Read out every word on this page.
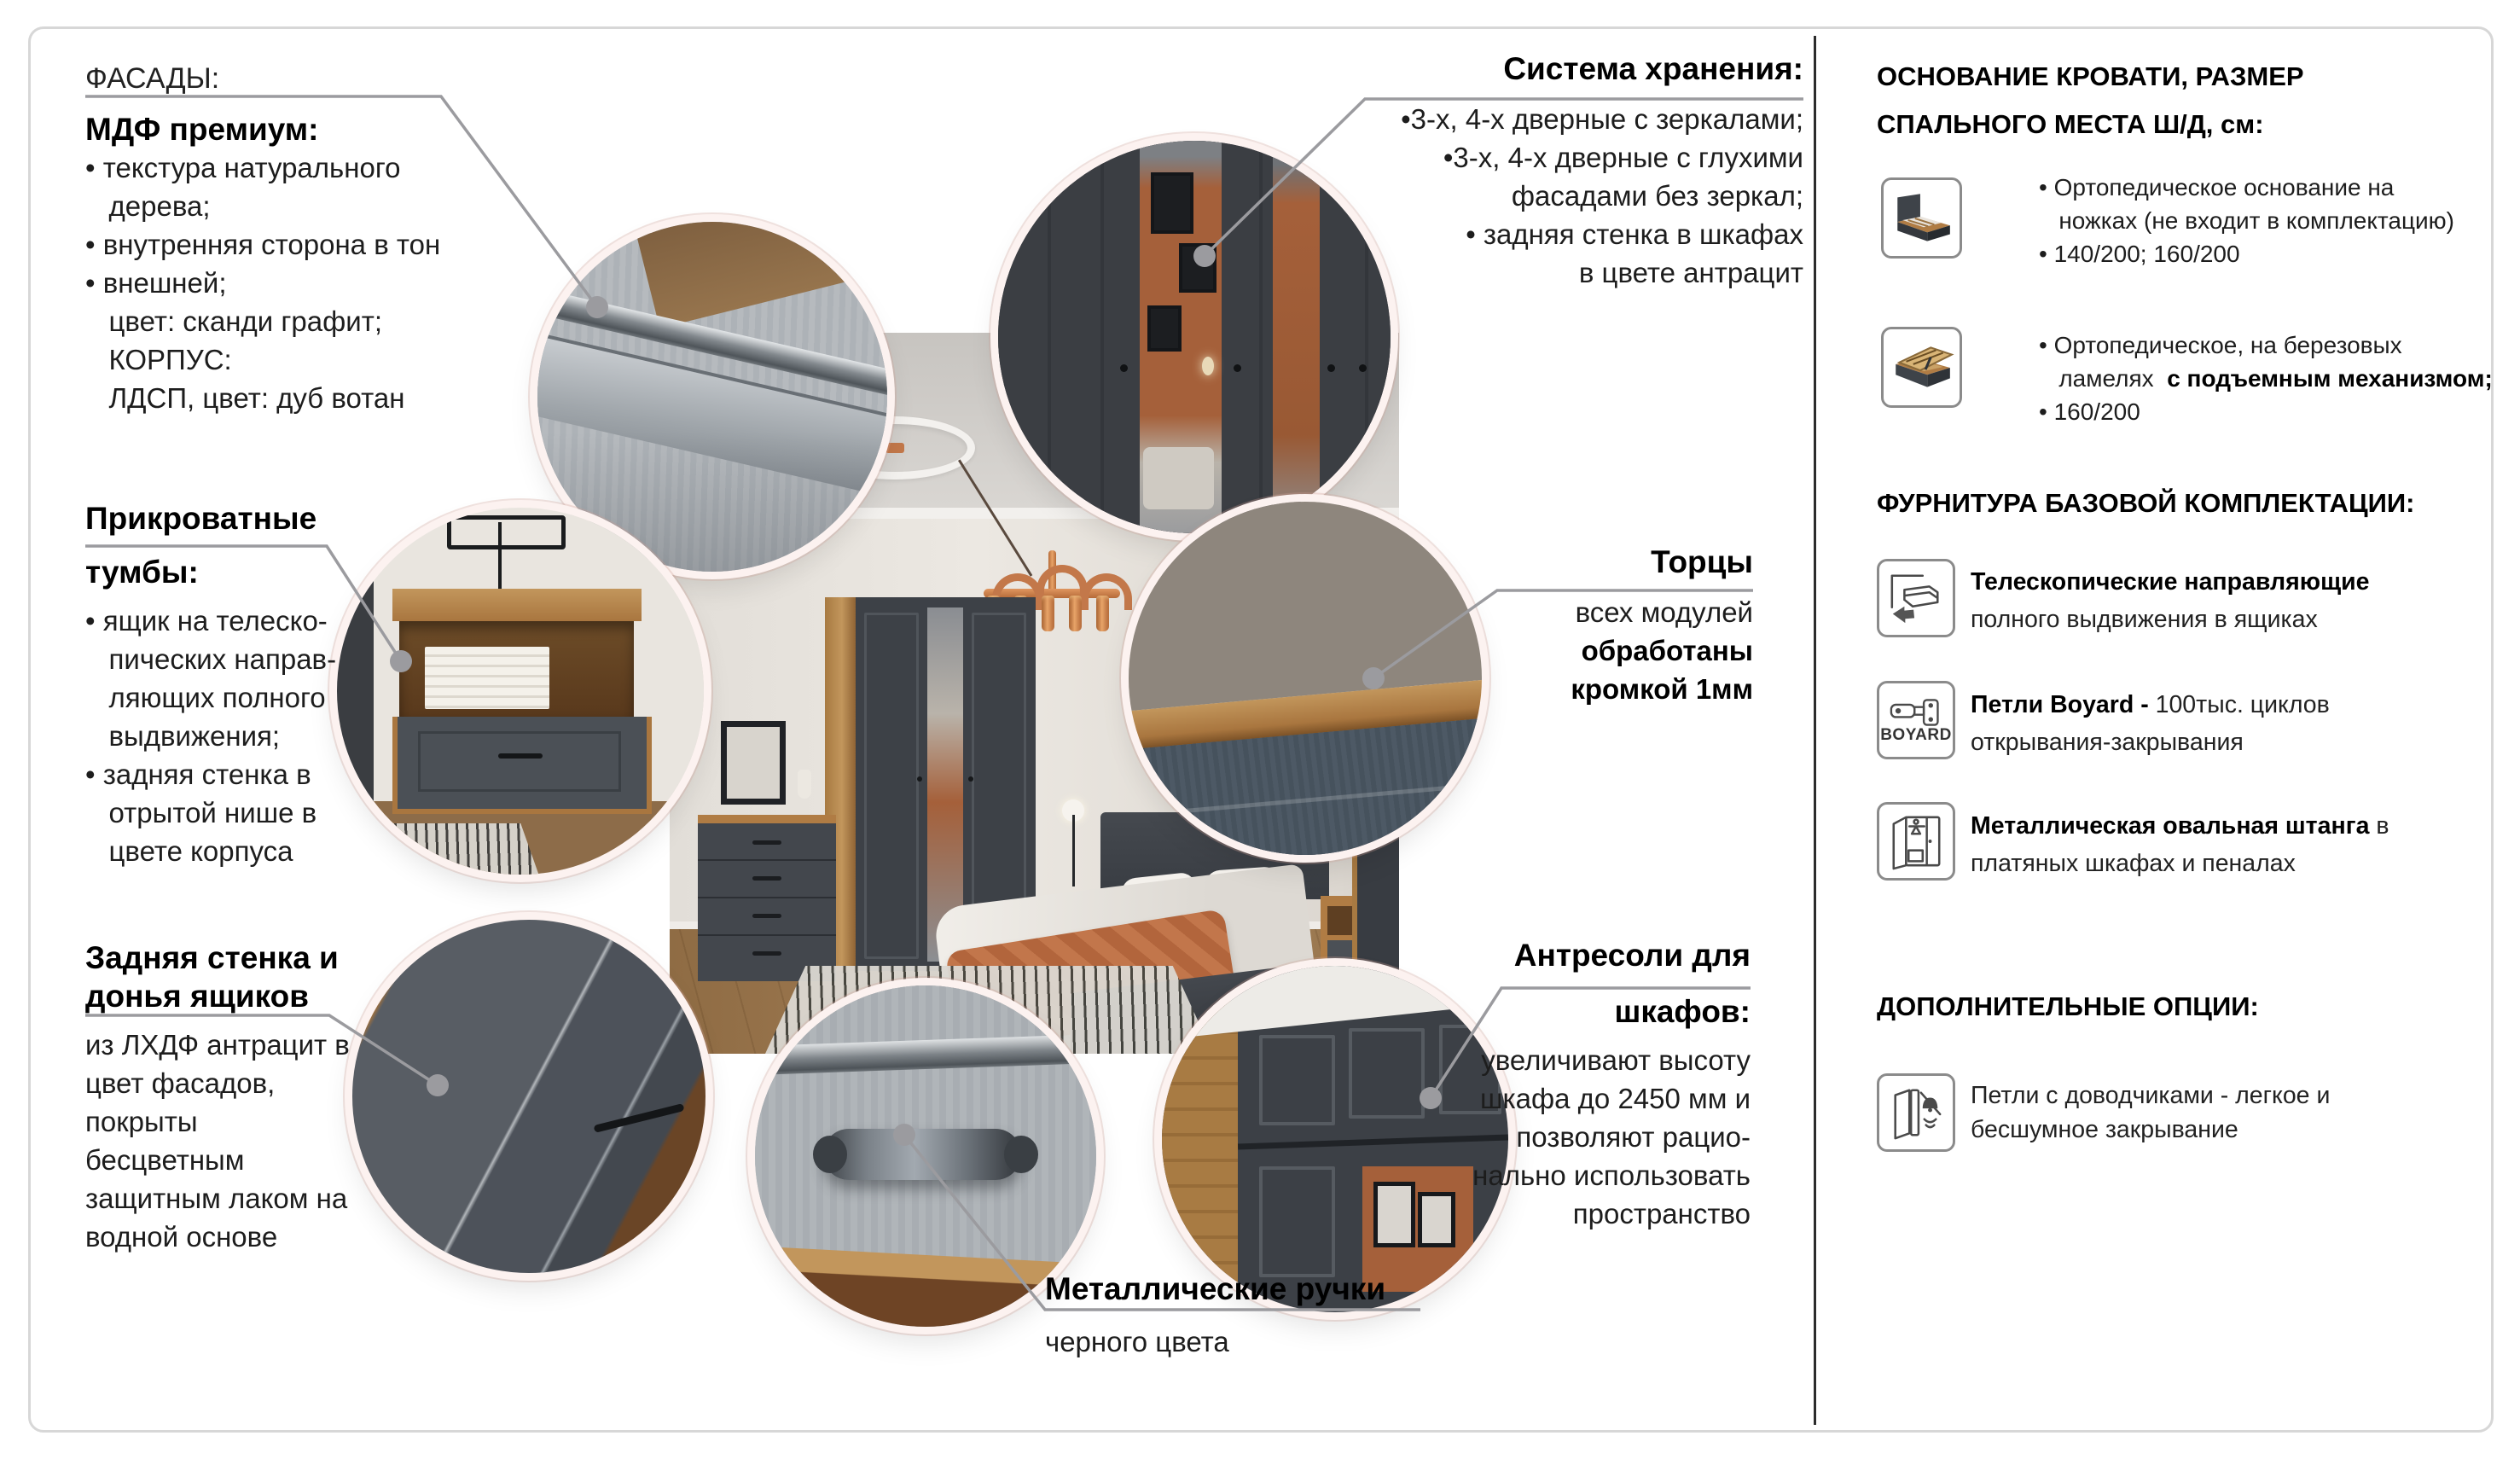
ФАСАДЫ:
МДФ премиум:
• текстура натурального
дерева;
• внутренняя сторона в тон
• внешней;
цвет: сканди графит;
КОРПУС:
ЛДСП, цвет: дуб вотан
Система хранения:
•3-х, 4-х дверные с зеркалами;
•3-х, 4-х дверные с глухими
фасадами без зеркал;
• задняя стенка в шкафах
в цвете антрацит
Прикроватные
тумбы:
• ящик на телеско-
пических направ-
ляющих полного
выдвижения;
• задняя стенка в
отрытой нише в
цвете корпуса
Задняя стенка и
донья ящиков
из ЛХДФ антрацит в
цвет фасадов,
покрыты
бесцветным
защитным лаком на
водной основе
Торцы
всех модулей
обработаны
кромкой 1мм
Антресоли для
шкафов:
увеличивают высоту
шкафа до 2450 мм и
позволяют рацио-
нально использовать
пространство
Металлические ручки
черного цвета
ОСНОВАНИЕ КРОВАТИ, РАЗМЕР
СПАЛЬНОГО МЕСТА Ш/Д, см:
• Ортопедическое основание на
ножках (не входит в комплектацию)
• 140/200; 160/200
• Ортопедическое, на березовых
ламелях  с подъемным механизмом;
• 160/200
ФУРНИТУРА БАЗОВОЙ КОМПЛЕКТАЦИИ:
Телескопические направляющие
полного выдвижения в ящиках
BOYARD
Петли Boyard - 100тыс. циклов
открывания-закрывания
Металлическая овальная штанга в
платяных шкафах и пеналах
ДОПОЛНИТЕЛЬНЫЕ ОПЦИИ:
Петли с доводчиками - легкое и
бесшумное закрывание
